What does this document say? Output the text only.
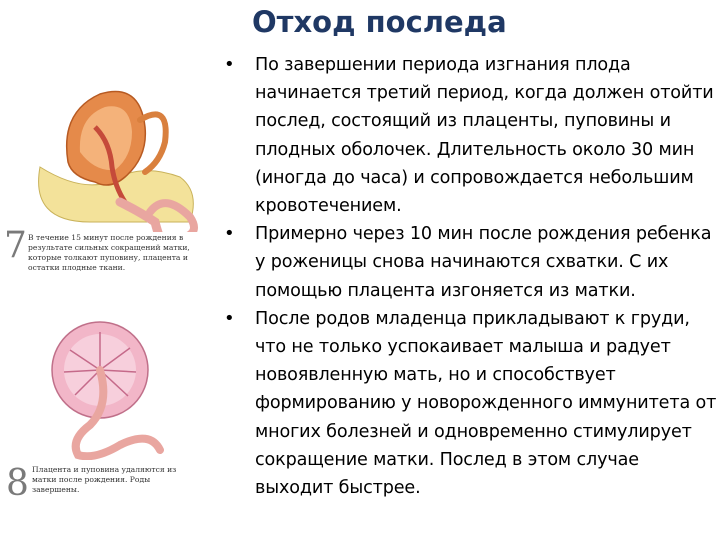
Отход последа
• По завершении периода изгнания плода начинается третий период, когда должен отойти послед, состоящий из плаценты, пуповины и плодных оболочек. Длительность около 30 мин (иногда до часа) и сопровождается небольшим кровотечением.
• Примерно через 10 мин после рождения ребенка у роженицы снова начинаются схватки. С их помощью плацента изгоняется из матки.
• После родов младенца прикладывают к груди, что не только успокаивает малыша и радует новоявленную мать, но и способствует формированию у новорожденного иммунитета от многих болезней и одновременно стимулирует сокращение матки. Послед в этом случае выходит быстрее.
7 В течение 15 минут после рождения в результате сильных сокращений матки, которые толкают пуповину, плацента и остатки плодные ткани.
8 Плацента и пуповина удаляются из матки после рождения. Роды завершены.
